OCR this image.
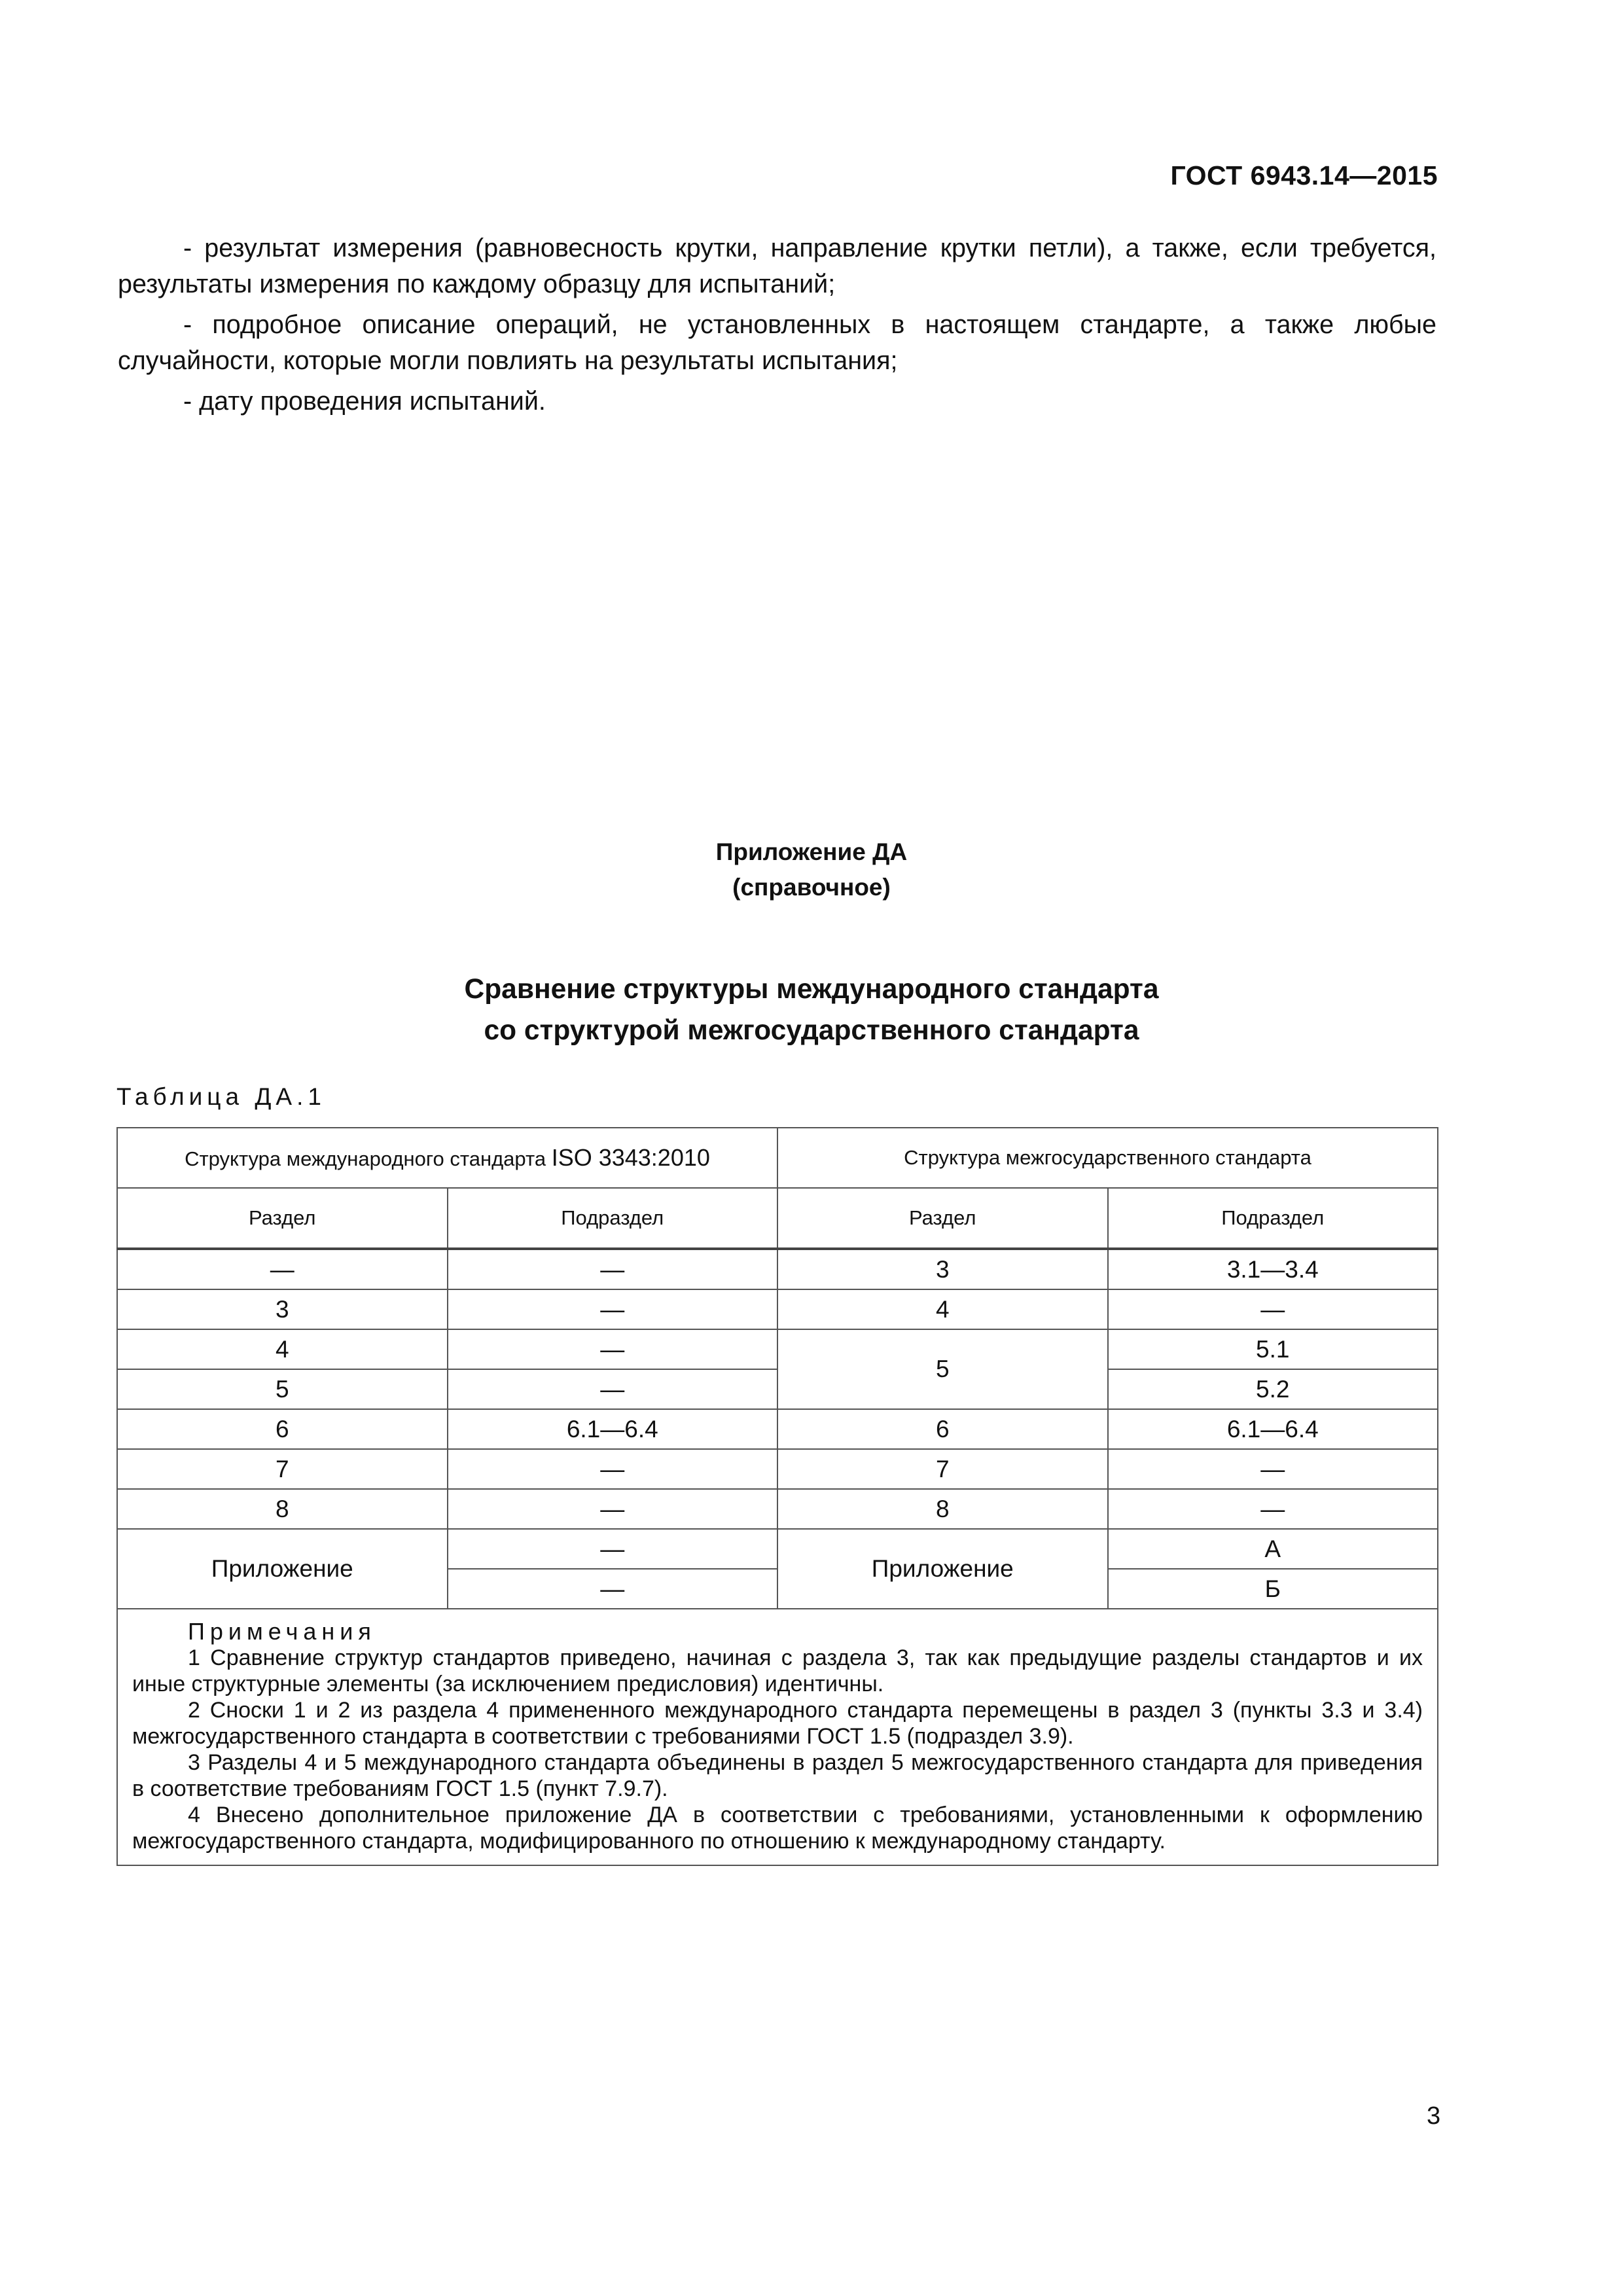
ГОСТ 6943.14—2015

- результат измерения (равновесность крутки, направление крутки петли), а также, если требуется, результаты измерения по каждому образцу для испытаний;

- подробное описание операций, не установленных в настоящем стандарте, а также любые случайности, которые могли повлиять на результаты испытания;

- дату проведения испытаний.

Приложение ДА
(справочное)
Сравнение структуры международного стандарта
со структурой межгосударственного стандарта
Таблица ДА.1
Структура международного стандарта ISO 3343:2010		Структура межгосударственного стандарта	
Раздел	Подраздел	Раздел	Подраздел
—	—	3	3.1—3.4
3	—	4	—
4	—	5	5.1
5	—		5.2
6	6.1—6.4	6	6.1—6.4
7	—	7	—
8	—	8	—
Приложение	—	Приложение	А
	—		Б

Примечания
1 Сравнение структур стандартов приведено, начиная с раздела 3, так как предыдущие разделы стандартов и их иные структурные элементы (за исключением предисловия) идентичны.
2 Сноски 1 и 2 из раздела 4 примененного международного стандарта перемещены в раздел 3 (пункты 3.3 и 3.4) межгосударственного стандарта в соответствии с требованиями ГОСТ 1.5 (подраздел 3.9).
3 Разделы 4 и 5 международного стандарта объединены в раздел 5 межгосударственного стандарта для приведения в соответствие требованиям ГОСТ 1.5 (пункт 7.9.7).
4 Внесено дополнительное приложение ДА в соответствии с требованиями, установленными к оформлению межгосударственного стандарта, модифицированного по отношению к международному стандарту.			
3
